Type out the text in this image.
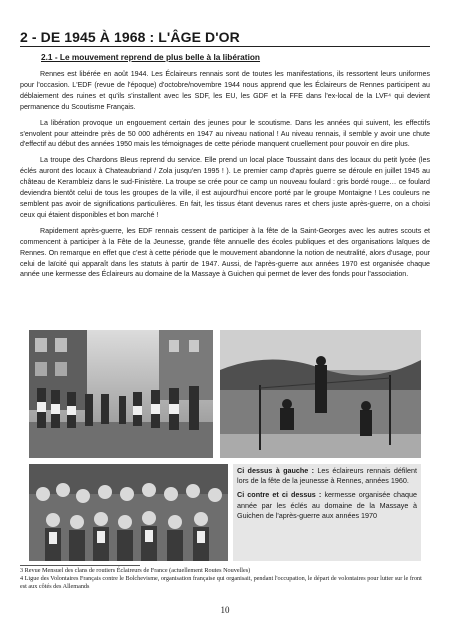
2 - DE 1945 À 1968 : L'ÂGE D'OR
2.1 - Le mouvement reprend de plus belle à la libération

Rennes est libérée en août 1944. Les Éclaireurs rennais sont de toutes les manifestations, ils ressortent leurs uniformes pour l'occasion. L'EDF (revue de l'époque) d'octobre/novembre 1944 nous apprend que les Éclaireurs de Rennes participent au déblaiement des ruines et qu'ils s'installent avec les SDF, les EU, les GDF et la FFE dans l'ex-local de la LVF⁴ qui devient permanence du Scoutisme Français.

La libération provoque un engouement certain des jeunes pour le scoutisme. Dans les années qui suivent, les effectifs s'envolent pour atteindre près de 50 000 adhérents en 1947 au niveau national ! Au niveau rennais, il semble y avoir une chute d'effectif au début des années 1950 mais les témoignages de cette période manquent cruellement pour pouvoir en dire plus.

La troupe des Chardons Bleus reprend du service. Elle prend un local place Toussaint dans des locaux du petit lycée (les éclés auront des locaux à Chateaubriand / Zola jusqu'en 1995 ! ). Le premier camp d'après guerre se déroule en juillet 1945 au château de Kerambleiz dans le sud-Finistère. La troupe se crée pour ce camp un nouveau foulard : gris bordé rouge… ce foulard deviendra bientôt celui de tous les groupes de la ville, il est aujourd'hui encore porté par le groupe Montaigne ! Les couleurs ne semblent pas avoir de significations particulières. En fait, les tissus étant devenus rares et chers juste après-guerre, on a choisi ceux qui étaient disponibles et bon marché !

Rapidement après-guerre, les EDF rennais cessent de participer à la fête de la Saint-Georges avec les autres scouts et commencent à participer à la Fête de la Jeunesse, grande fête annuelle des écoles publiques et des organisations laïques de Rennes. On remarque en effet que c'est à cette période que le mouvement abandonne la notion de neutralité, alors d'usage, pour celui de laïcité qui apparaît dans les statuts à partir de 1947. Aussi, de l'après-guerre aux années 1970 est organisée chaque année une kermesse des Éclaireurs au domaine de la Massaye à Guichen qui permet de lever des fonds pour l'association.

Ci dessus à gauche : Les éclaireurs rennais défilent lors de la fête de la jeunesse à Rennes, années 1960.

Ci contre et ci dessus : kermesse organisée chaque année par les éclés au domaine de la Massaye à Guichen de l'après-guerre aux années 1970

3 Revue Mensuel des clans de routiers Éclaireurs de France (actuellement Routes Nouvelles)

4 Ligue des Volontaires Français contre le Bolchevisme, organisation française qui organisait, pendant l'occupation, le départ de volontaires pour lutter sur le front est aux côtés des Allemands

10
